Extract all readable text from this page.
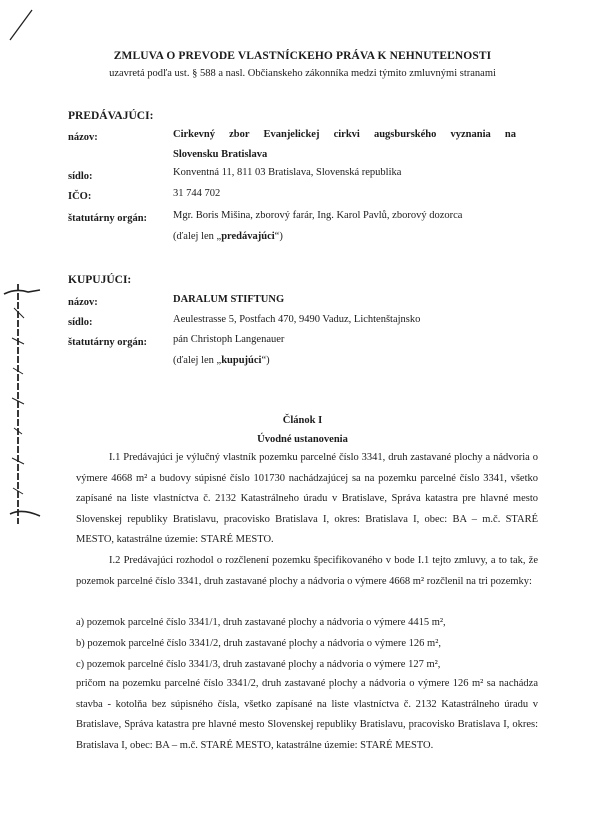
ZMLUVA O PREVODE VLASTNÍCKEHO PRÁVA K NEHNUTEĽNOSTI
uzavretá podľa ust. § 588 a nasl. Občianskeho zákonníka medzi týmito zmluvnými stranami
PREDÁVAJÚCI:
názov:	Cirkevný zbor Evanjelickej cirkvi augsburského vyznania na
Slovensku Bratislava
sídlo:	Konventná 11, 811 03 Bratislava, Slovenská republika
IČO:	31 744 702
štatutárny orgán: Mgr. Boris Mišina, zborový farár, Ing. Karol Pavlů, zborový dozorca
(ďalej len „predávajúci“)
KUPUJÚCI:
názov:	DARALUM STIFTUNG
sídlo:	Aeulestrasse 5, Postfach 470, 9490 Vaduz, Lichtenštajnsko
štatutárny orgán: pán Christoph Langenauer
(ďalej len „kupujúci“)
Článok I
Úvodné ustanovenia
I.1 Predávajúci je výlučný vlastník pozemku parcelné číslo 3341, druh zastavané plochy a nádvoria o výmere 4668 m² a budovy súpisné číslo 101730 nachádzajúcej sa na pozemku parcelné číslo 3341, všetko zapísané na liste vlastníctva č. 2132 Katastrálneho úradu v Bratislave, Správa katastra pre hlavné mesto Slovenskej republiky Bratislavu, pracovisko Bratislava I, okres: Bratislava I, obec: BA – m.č. STARÉ MESTO, katastrálne územie: STARÉ MESTO.
I.2 Predávajúci rozhodol o rozčlenení pozemku špecifikovaného v bode I.1 tejto zmluvy, a to tak, že pozemok parcelné číslo 3341, druh zastavané plochy a nádvoria o výmere 4668 m² rozčlenil na tri pozemky:
a) pozemok parcelné číslo 3341/1, druh zastavané plochy a nádvoria o výmere 4415 m²,
b) pozemok parcelné číslo 3341/2, druh zastavané plochy a nádvoria o výmere 126 m²,
c) pozemok parcelné číslo 3341/3, druh zastavané plochy a nádvoria o výmere 127 m²,
pričom na pozemku parcelné číslo 3341/2, druh zastavané plochy a nádvoria o výmere 126 m² sa nachádza stavba - kotolňa bez súpisného čísla, všetko zapísané na liste vlastníctva č. 2132 Katastrálneho úradu v Bratislave, Správa katastra pre hlavné mesto Slovenskej republiky Bratislavu, pracovisko Bratislava I, okres: Bratislava I, obec: BA – m.č. STARÉ MESTO, katastrálne územie: STARÉ MESTO.
